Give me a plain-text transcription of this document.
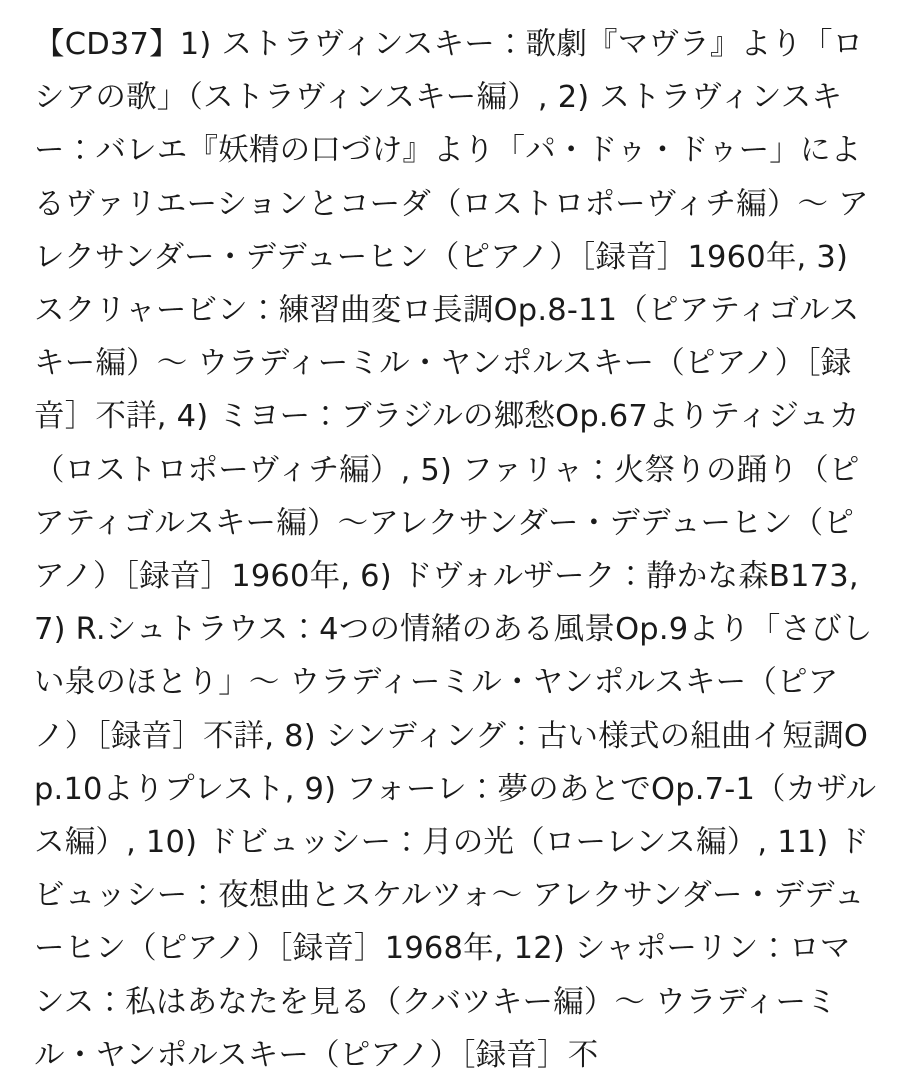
【CD37】1) ストラヴィンスキー：歌劇『マヴラ』より「ロシアの歌」（ストラヴィンスキー編）, 2) ストラヴィンスキー：バレエ『妖精の口づけ』より「パ・ドゥ・ドゥー」によるヴァリエーションとコーダ（ロストロポーヴィチ編）～ アレクサンダー・デデューヒン（ピアノ）［録音］1960年, 3) スクリャービン：練習曲変ロ長調Op.8-11（ピアティゴルスキー編）～ ウラディーミル・ヤンポルスキー（ピアノ）［録音］不詳, 4) ミヨー：ブラジルの郷愁Op.67よりティジュカ（ロストロポーヴィチ編）, 5) ファリャ：火祭りの踊り（ピアティゴルスキー編）～アレクサンダー・デデューヒン（ピアノ）［録音］1960年, 6) ドヴォルザーク：静かな森B173, 7) R.シュトラウス：4つの情緒のある風景Op.9より「さびしい泉のほとり」～ ウラディーミル・ヤンポルスキー（ピアノ）［録音］不詳, 8) シンディング：古い様式の組曲イ短調Op.10よりプレスト, 9) フォーレ：夢のあとでOp.7-1（カザルス編）, 10) ドビュッシー：月の光（ローレンス編）, 11) ドビュッシー：夜想曲とスケルツォ～ アレクサンダー・デデューヒン（ピアノ）［録音］1968年, 12) シャポーリン：ロマンス：私はあなたを見る（クバツキー編）～ ウラディーミル・ヤンポルスキー（ピアノ）［録音］不
